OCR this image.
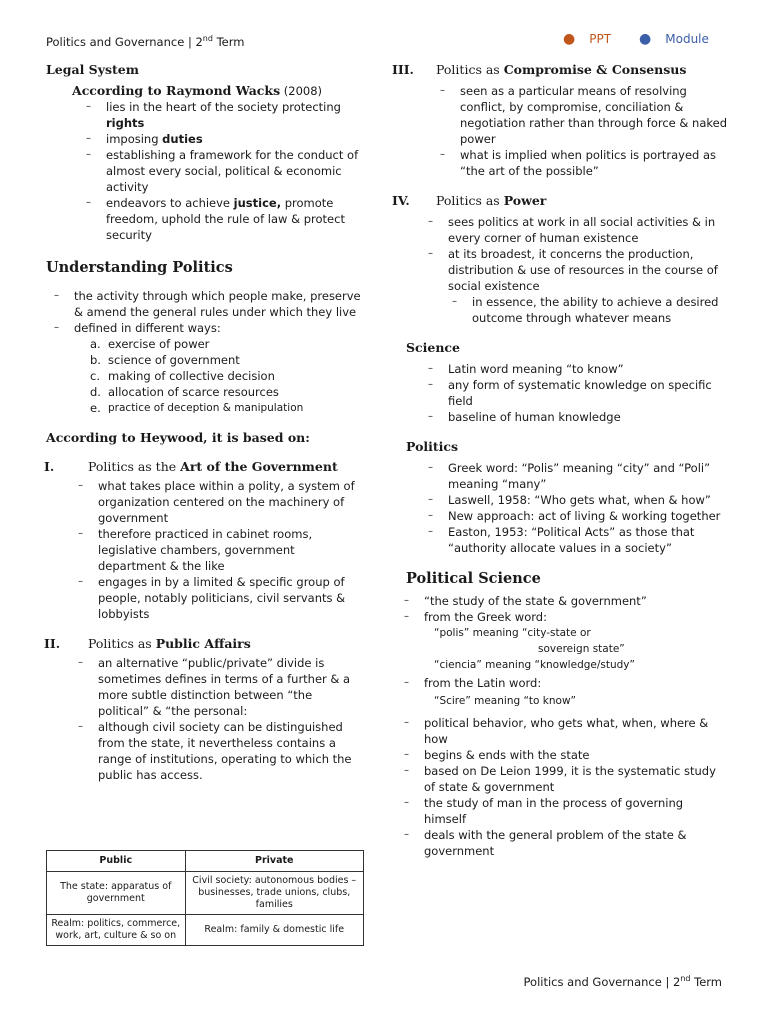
Politics and Governance | 2nd Term	● PPT ● Module
Legal System
According to Raymond Wacks (2008)
– lies in the heart of the society protecting rights
– imposing duties
– establishing a framework for the conduct of almost every social, political & economic activity
– endeavors to achieve justice, promote freedom, uphold the rule of law & protect security
Understanding Politics
– the activity through which people make, preserve & amend the general rules under which they live
– defined in different ways:
a. exercise of power
b. science of government
c. making of collective decision
d. allocation of scarce resources
e. practice of deception & manipulation
According to Heywood, it is based on:
I.	Politics as the Art of the Government
– what takes place within a polity, a system of organization centered on the machinery of government
– therefore practiced in cabinet rooms, legislative chambers, government department & the like
– engages in by a limited & specific group of people, notably politicians, civil servants & lobbyists
II.	Politics as Public Affairs
– an alternative “public/private” divide is sometimes defines in terms of a further & a more subtle distinction between “the political” & “the personal:
– although civil society can be distinguished from the state, it nevertheless contains a range of institutions, operating to which the public has access.
Public	Private
The state: apparatus of government	Civil society: autonomous bodies – businesses, trade unions, clubs, families
Realm: politics, commerce, work, art, culture & so on	Realm: family & domestic life
III.	Politics as Compromise & Consensus
– seen as a particular means of resolving conflict, by compromise, conciliation & negotiation rather than through force & naked power
– what is implied when politics is portrayed as “the art of the possible”
IV.	Politics as Power
– sees politics at work in all social activities & in every corner of human existence
– at its broadest, it concerns the production, distribution & use of resources in the course of social existence
– in essence, the ability to achieve a desired outcome through whatever means
Science
– Latin word meaning “to know”
– any form of systematic knowledge on specific field
– baseline of human knowledge
Politics
– Greek word: “Polis” meaning “city” and “Poli” meaning “many”
– Laswell, 1958: “Who gets what, when & how”
– New approach: act of living & working together
– Easton, 1953: “Political Acts” as those that “authority allocate values in a society”
Political Science
– “the study of the state & government”
– from the Greek word:
“polis” meaning “city-state or
sovereign state”
“ciencia” meaning “knowledge/study”
– from the Latin word:
“Scire” meaning “to know”
– political behavior, who gets what, when, where & how
– begins & ends with the state
– based on De Leion 1999, it is the systematic study of state & government
– the study of man in the process of governing himself
– deals with the general problem of the state & government
Politics and Governance | 2nd Term
